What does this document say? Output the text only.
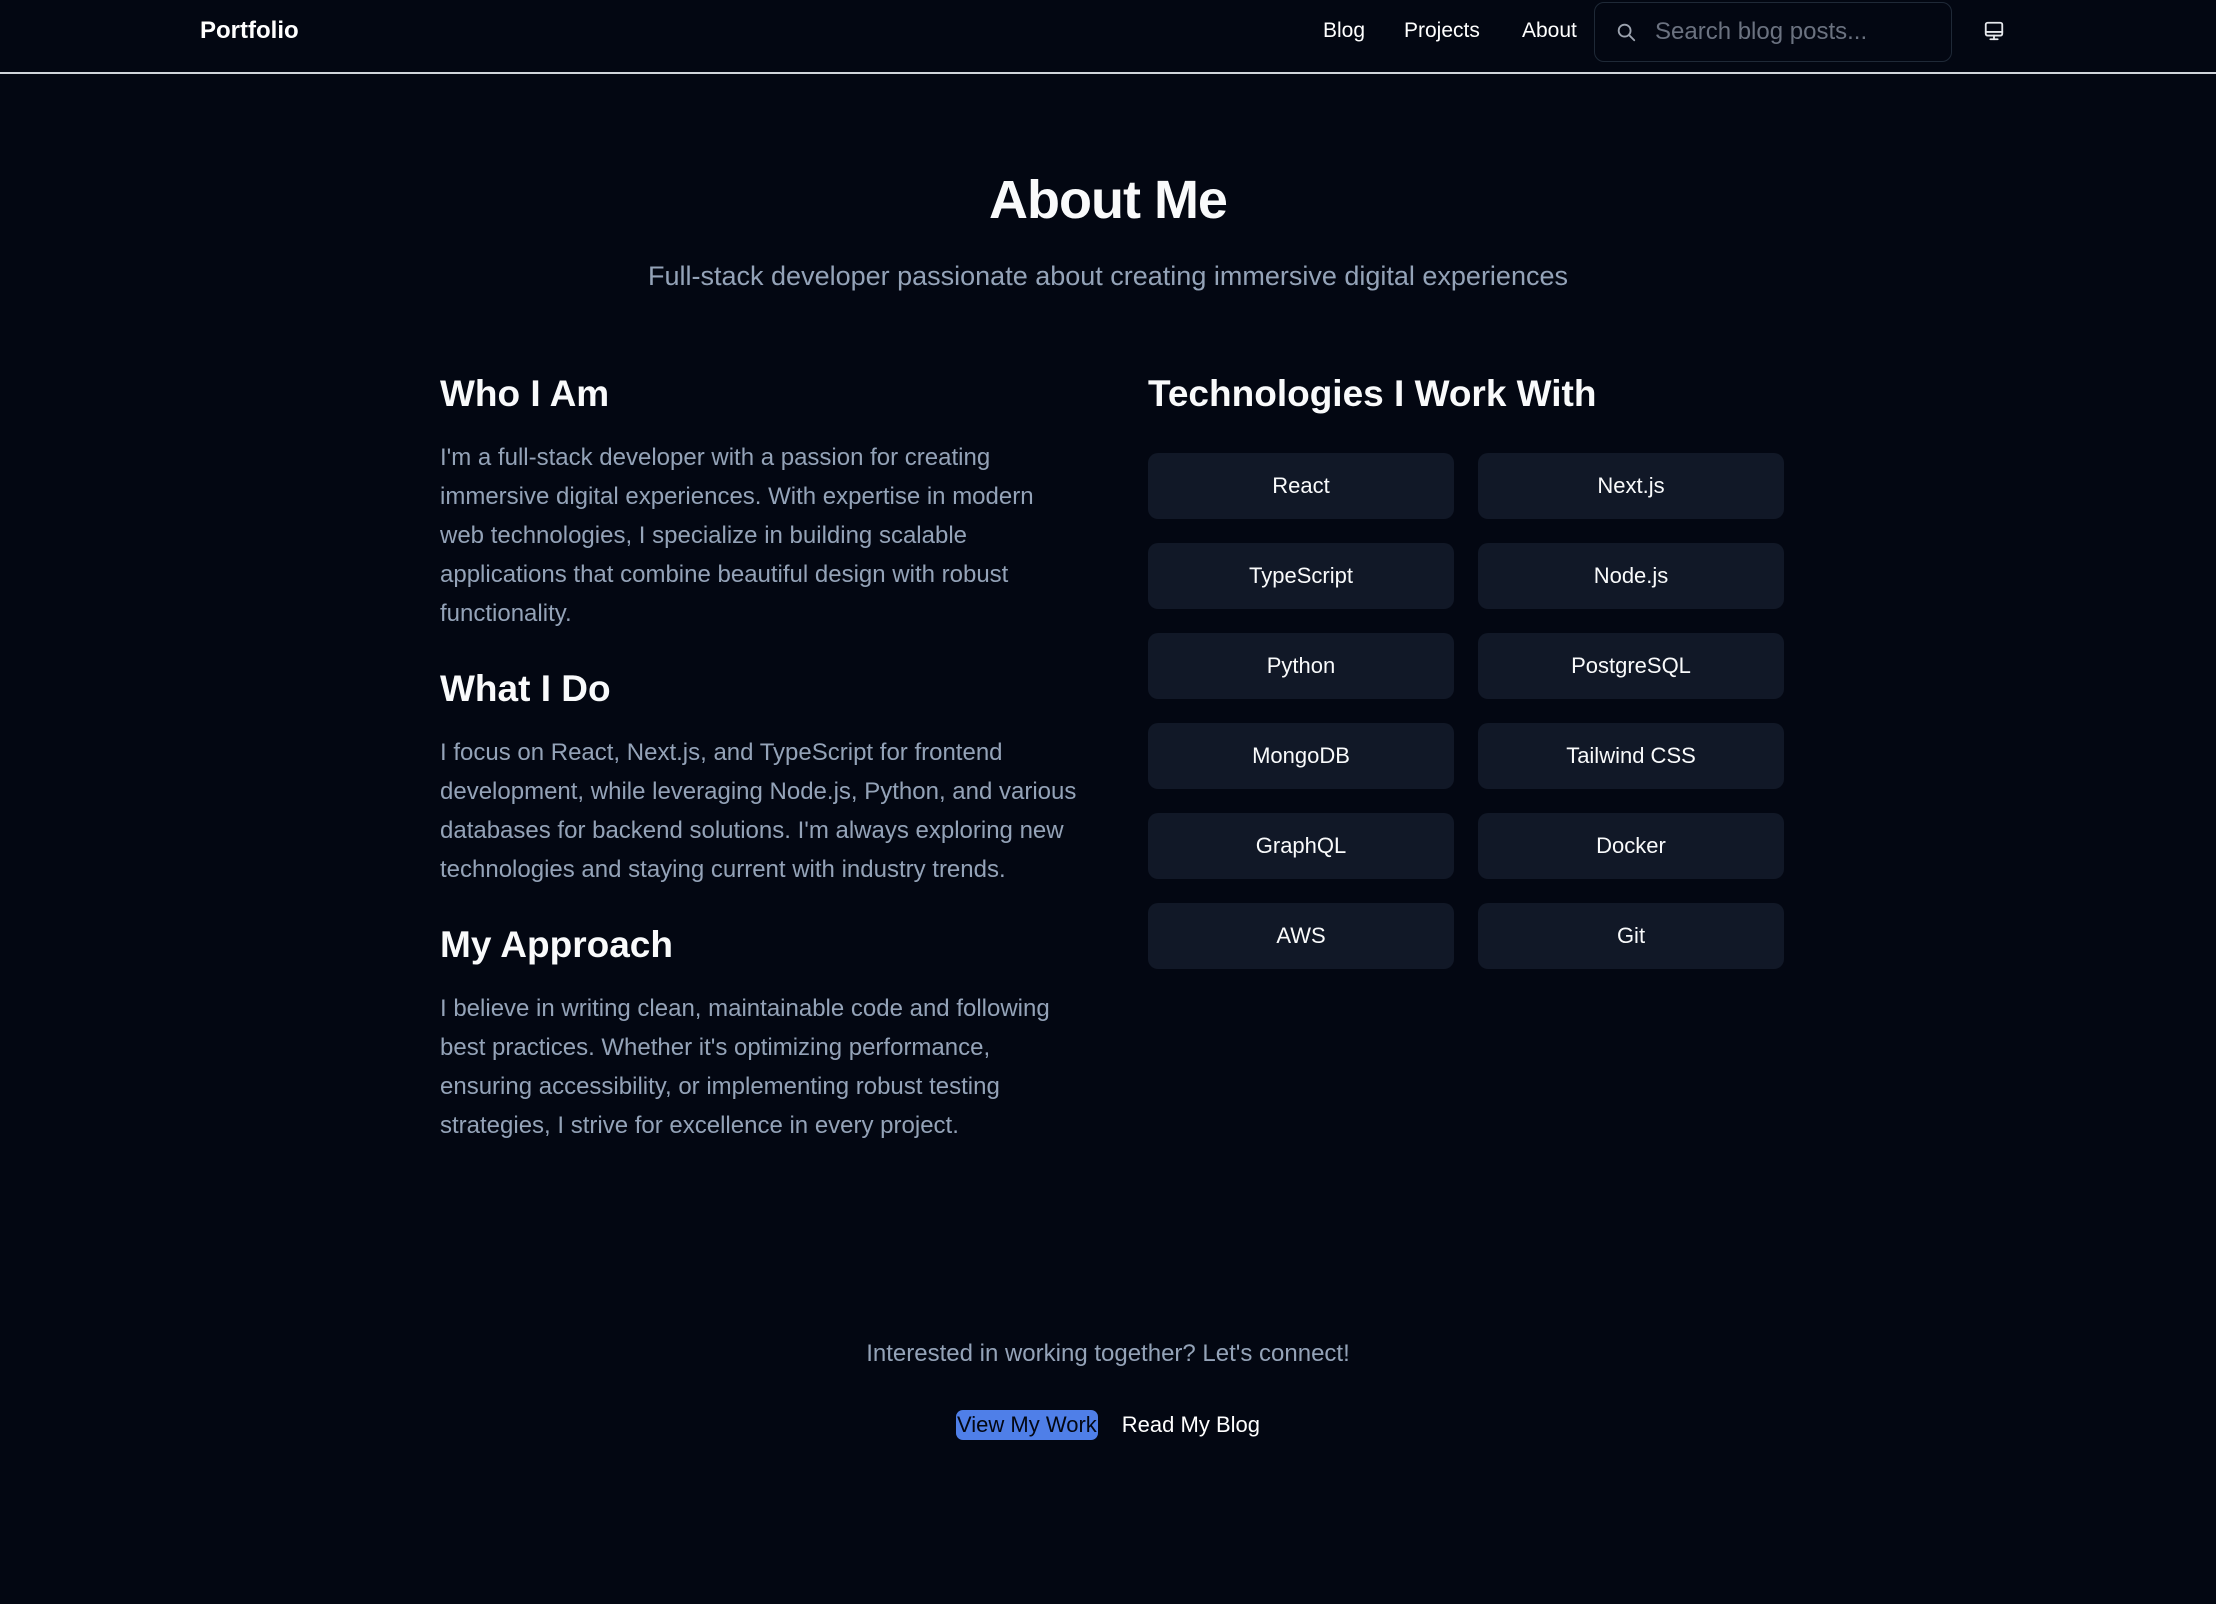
Portfolio	Blog Projects About
Search blog posts...
About Me

Full-stack developer passionate about creating immersive digital experiences

Who I Am

I'm a full-stack developer with a passion for creating immersive digital experiences. With expertise in modern web technologies, I specialize in building scalable applications that combine beautiful design with robust functionality.

What I Do

I focus on React, Next.js, and TypeScript for frontend development, while leveraging Node.js, Python, and various databases for backend solutions. I'm always exploring new technologies and staying current with industry trends.

My Approach

I believe in writing clean, maintainable code and following best practices. Whether it's optimizing performance, ensuring accessibility, or implementing robust testing strategies, I strive for excellence in every project.

Technologies I Work With
React	Next.js
TypeScript	Node.js
Python	PostgreSQL
MongoDB	Tailwind CSS
GraphQL	Docker
AWS	Git

Interested in working together? Let's connect!

View My Work Read My Blog
